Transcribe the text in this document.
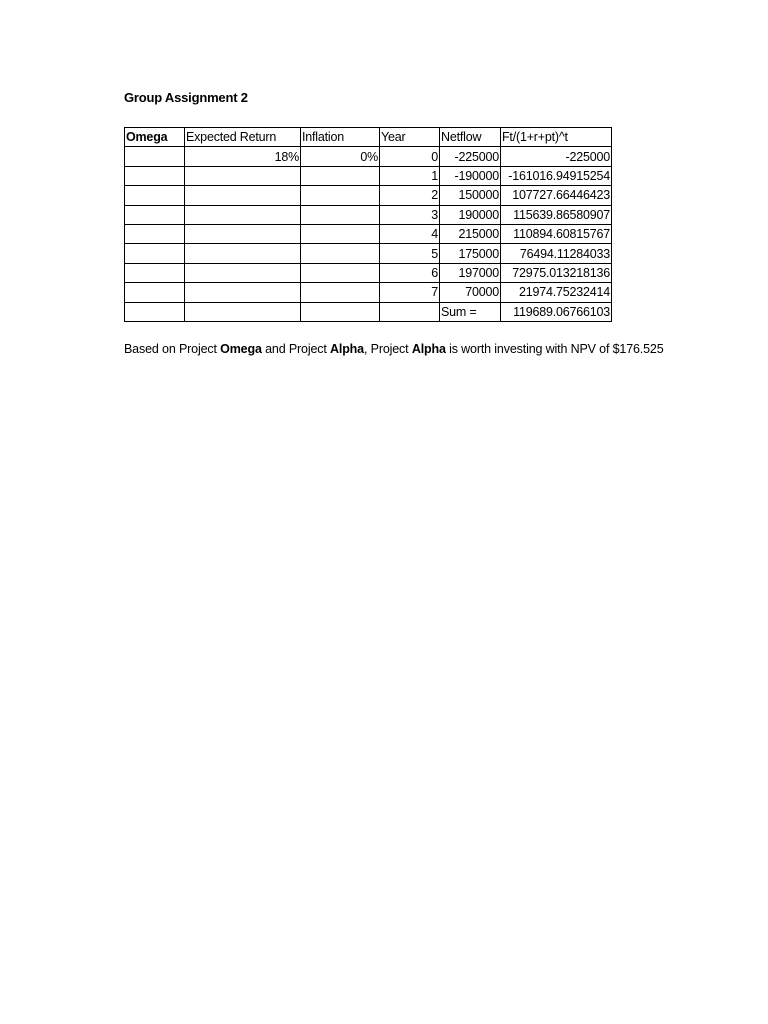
Group Assignment 2
Omega	Expected Return	Inflation	Year	Netflow	Ft/(1+r+pt)^t
	18%	0%	0	-225000	-225000
			1	-190000	-161016.94915254
			2	150000	107727.66446423
			3	190000	115639.86580907
			4	215000	110894.60815767
			5	175000	76494.11284033
			6	197000	72975.013218136
			7	70000	21974.75232414
				Sum =	119689.06766103
Based on Project Omega and Project Alpha, Project Alpha is worth investing with NPV of $176.525
